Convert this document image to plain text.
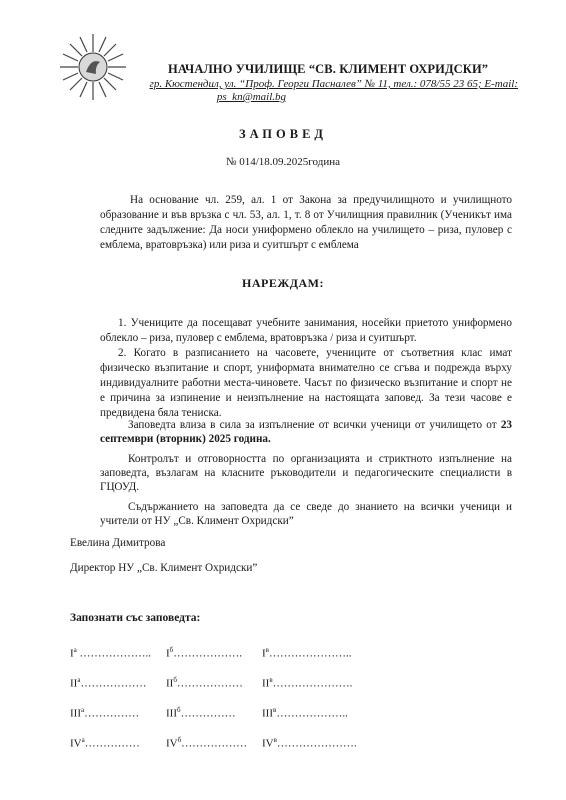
НАЧАЛНО УЧИЛИЩЕ “СВ. КЛИМЕНТ ОХРИДСКИ”
гр. Кюстендил, ул. “Проф. Георги Пасналев” № 11, тел.: 078/55 23 65; E-mail:
ps_kn@mail.bg
ЗАПОВЕД
№ 014/18.09.2025година
На основание чл. 259, ал. 1 от Закона за предучилищното и училищното образование и във връзка с чл. 53, ал. 1, т. 8 от Училищния правилник (Ученикът има следните задължение: Да носи униформено облекло на училището – риза, пуловер с емблема, вратовръзка) или риза и суитшърт с емблема
НАРЕЖДАМ:

1. Учениците да посещават учебните занимания, носейки приетото униформено облекло – риза, пуловер с емблема, вратовръзка / риза и суитшърт.

2. Когато в разписанието на часовете, учениците от съответния клас имат физическо възпитание и спорт, униформата внимателно се сгъва и подрежда върху индивидуалните работни места-чиновете. Часът по физическо възпитание и спорт не е причина за изпинение и неизпълнение на настоящата заповед. За тези часове е предвидена бяла тениска.

Заповедта влиза в сила за изпълнение от всички ученици от училището от 23 септември (вторник) 2025 година.

Контролът и отговорността по организацията и стриктното изпълнение на заповедта, възлагам на класните ръководители и педагогическите специалисти в ГЦОУД.

Съдържанието на заповедта да се сведе до знанието на всички ученици и учители от НУ „Св. Климент Охридски”

Евелина Димитрова
Директор НУ „Св. Климент Охридски”
Запознати със заповедта:
$I^а$ ………………..	$I^б\dots\dots\dots\dots\dots\dots$.	$I^в\dots\dots\dots\dots\dots\dots\dots$..
$II^а\dots\dots\dots\dots\dots\dots$	$II^б\dots\dots\dots\dots\dots\dots$	$II^в\dots\dots\dots\dots\dots\dots\dots$.
$III^а\dots\dots\dots\dots\dots$	$III^б\dots\dots\dots\dots\dots$	$III^в\dots\dots\dots\dots\dots\dots$..
$IV^а\dots\dots\dots\dots\dots$	$IV^б\dots\dots\dots\dots\dots\dots$	$IV^в\dots\dots\dots\dots\dots\dots\dots$.
